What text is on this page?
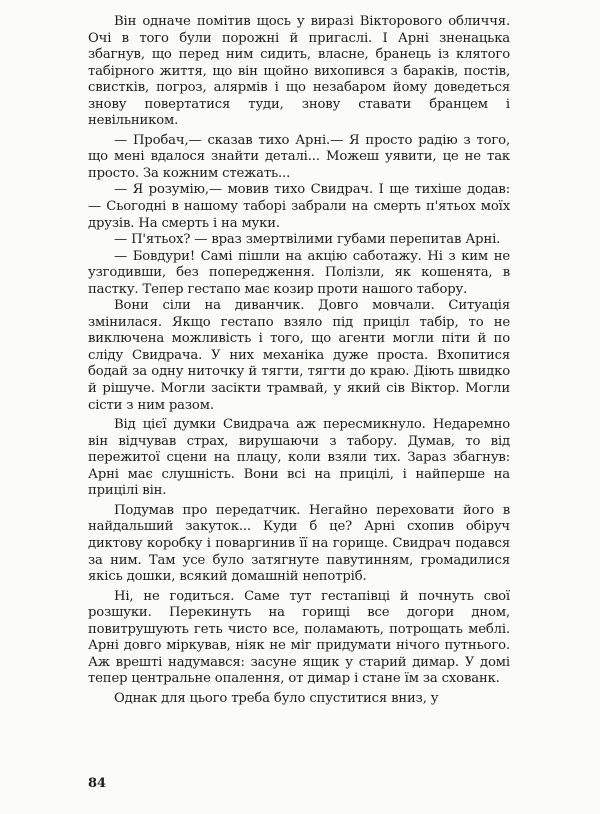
Він одначе помітив щось у виразі Вікторового обличчя. Очі в того були порожні й пригаслі. І Арні зненацька збагнув, що перед ним сидить, власне, бранець із клятого табірного життя, що він щойно вихопився з бараків, постів, свистків, погроз, алярмів і що незабаром йому доведеться знову повертатися туди, знову ставати бранцем і невільником.

— Пробач,— сказав тихо Арні.— Я просто радію з того, що мені вдалося знайти деталі... Можеш уявити, це не так просто. За кожним стежать...

— Я розумію,— мовив тихо Свидрач. І ще тихіше додав: — Сьогодні в нашому таборі забрали на смерть п'ятьох моїх друзів. На смерть і на муки.

— П'ятьох? — враз змертвілими губами перепитав Арні.

— Бовдури! Самі пішли на акцію саботажу. Ні з ким не узгодивши, без попередження. Полізли, як кошенята, в пастку. Тепер гестапо має козир проти нашого табору.

Вони сіли на диванчик. Довго мовчали. Ситуація змінилася. Якщо гестапо взяло під приціл табір, то не виключена можливість і того, що агенти могли піти й по сліду Свидрача. У них механіка дуже проста. Вхопитися бодай за одну ниточку й тягти, тягти до краю. Діють швидко й рішуче. Могли засікти трамвай, у який сів Віктор. Могли сісти з ним разом.

Від цієї думки Свидрача аж пересмикнуло. Недаремно він відчував страх, вирушаючи з табору. Думав, то від пережитої сцени на плацу, коли взяли тих. Зараз збагнув: Арні має слушність. Вони всі на прицілі, і найперше на прицілі він.

Подумав про передатчик. Негайно переховати його в найдальший закуток... Куди б це? Арні схопив обіруч диктову коробку і поваргинив її на горище. Свидрач подався за ним. Там усе було затягнуте павутинням, громадилися якісь дошки, всякий домашній непотріб.

Ні, не годиться. Саме тут гестапівці й почнуть свої розшуки. Перекинуть на горищі все догори дном, повитрушують геть чисто все, поламають, потрощать меблі. Арні довго міркував, ніяк не міг придумати нічого путнього. Аж врешті надумався: засуне ящик у старий димар. У домі тепер центральне опалення, от димар і стане їм за схованк.

Однак для цього треба було спуститися вниз, у

84
